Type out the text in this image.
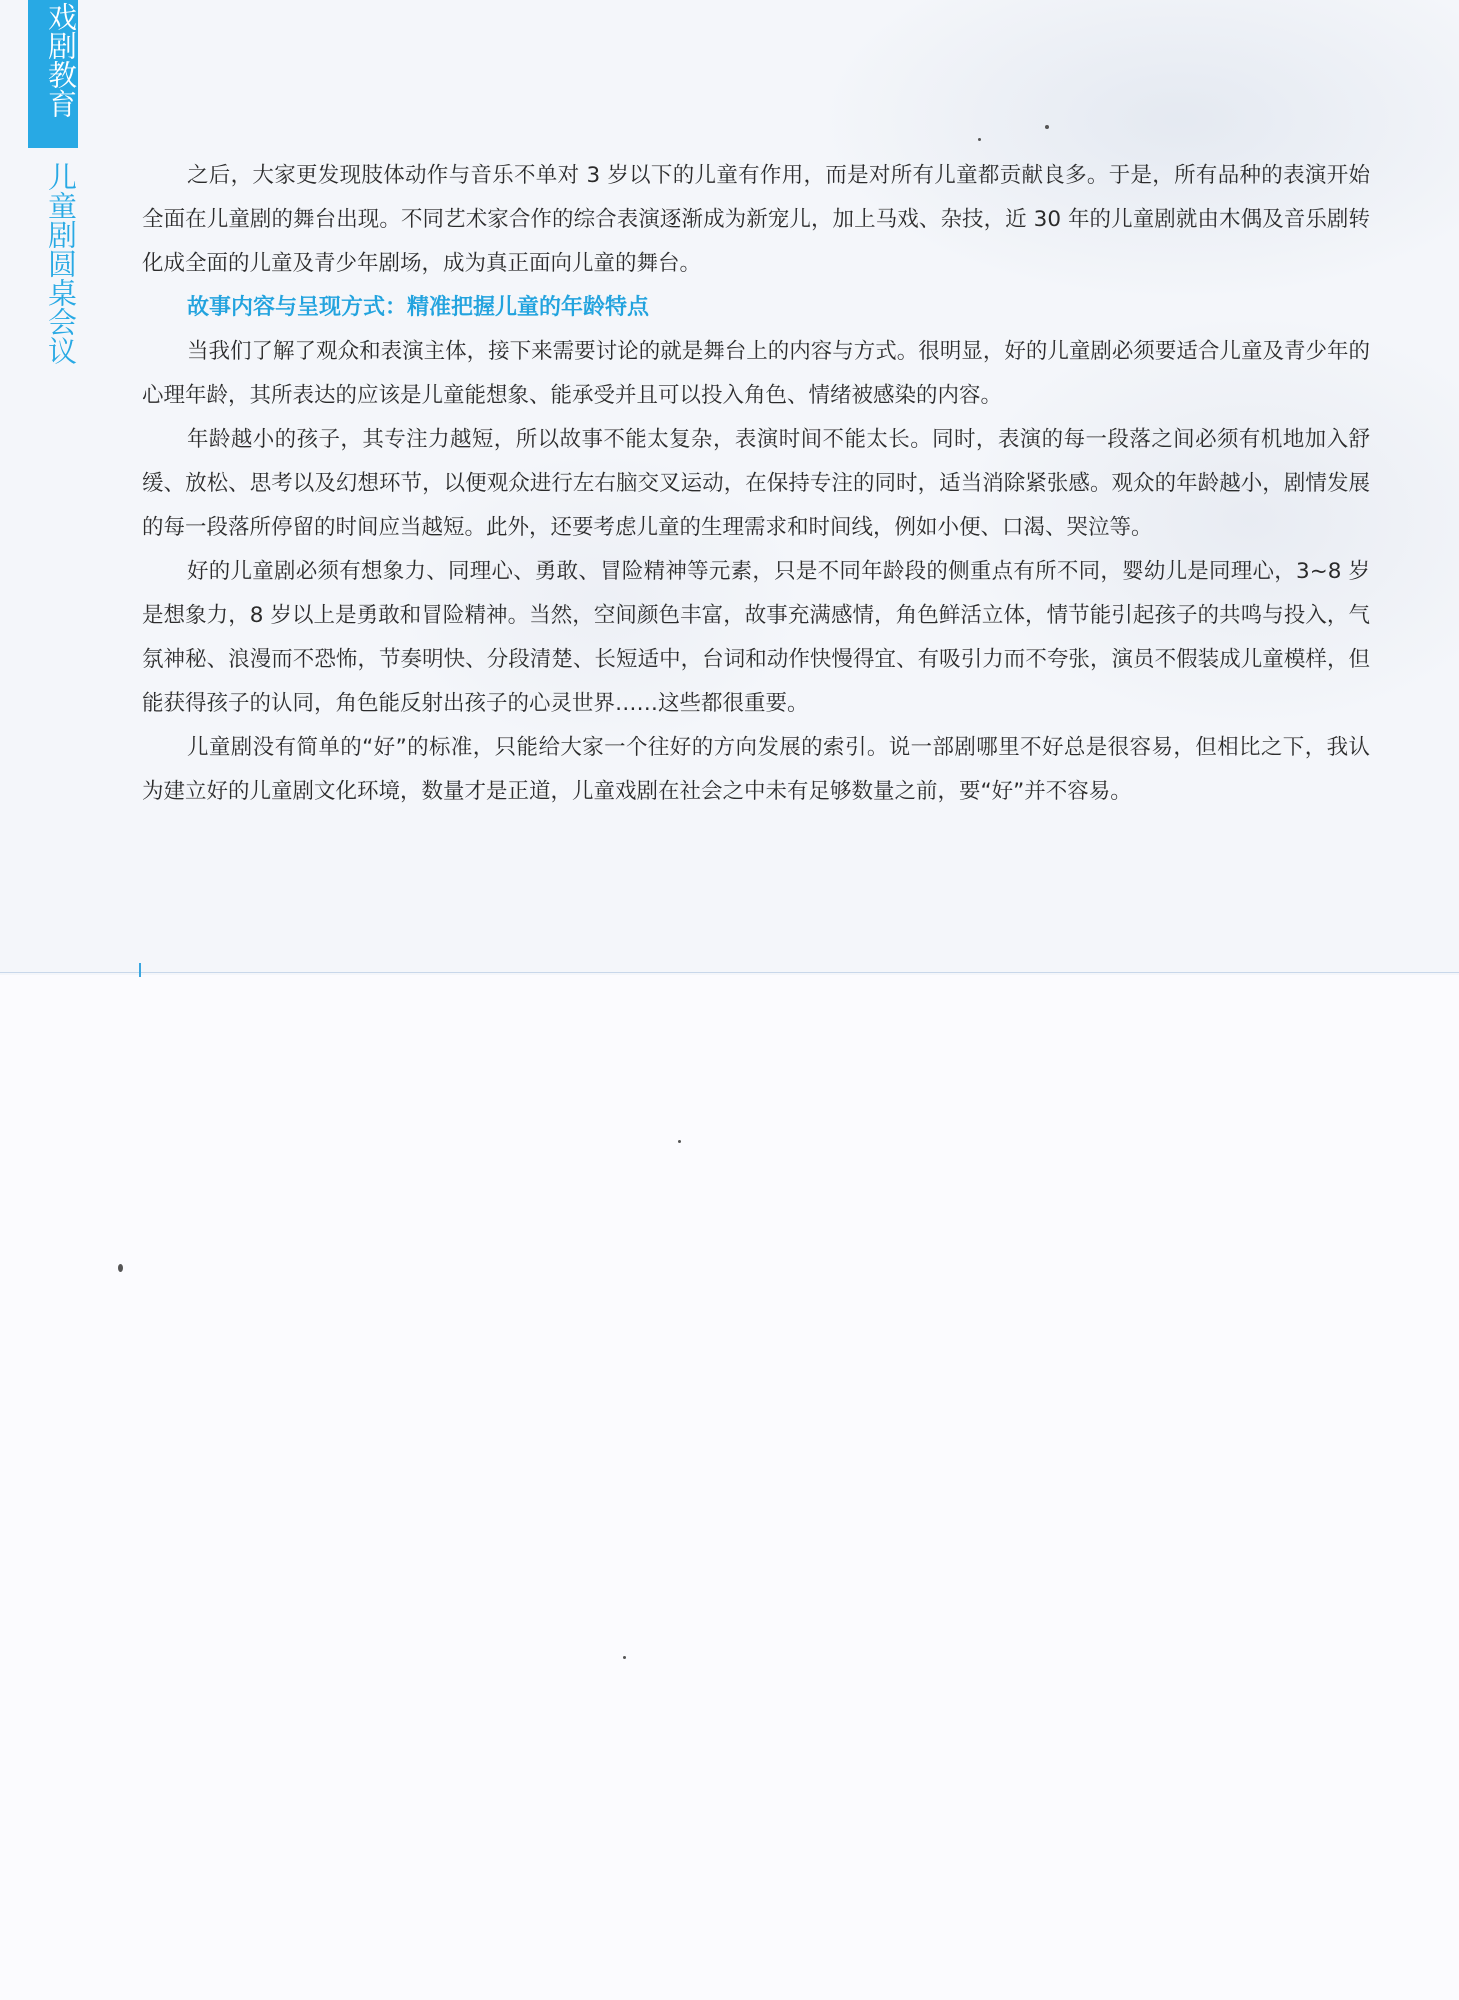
戏剧教育
儿童剧圆桌会议	之后，大家更发现肢体动作与音乐不单对 3 岁以下的儿童有作用，而是对所有儿童都贡献良多。于是，所有品种的表演开始全面在儿童剧的舞台出现。不同艺术家合作的综合表演逐渐成为新宠儿，加上马戏、杂技，近 30 年的儿童剧就由木偶及音乐剧转化成全面的儿童及青少年剧场，成为真正面向儿童的舞台。

故事内容与呈现方式：精准把握儿童的年龄特点

当我们了解了观众和表演主体，接下来需要讨论的就是舞台上的内容与方式。很明显，好的儿童剧必须要适合儿童及青少年的心理年龄，其所表达的应该是儿童能想象、能承受并且可以投入角色、情绪被感染的内容。

年龄越小的孩子，其专注力越短，所以故事不能太复杂，表演时间不能太长。同时，表演的每一段落之间必须有机地加入舒缓、放松、思考以及幻想环节，以便观众进行左右脑交叉运动，在保持专注的同时，适当消除紧张感。观众的年龄越小，剧情发展的每一段落所停留的时间应当越短。此外，还要考虑儿童的生理需求和时间线，例如小便、口渴、哭泣等。

好的儿童剧必须有想象力、同理心、勇敢、冒险精神等元素，只是不同年龄段的侧重点有所不同，婴幼儿是同理心，3~8 岁是想象力，8 岁以上是勇敢和冒险精神。当然，空间颜色丰富，故事充满感情，角色鲜活立体，情节能引起孩子的共鸣与投入，气氛神秘、浪漫而不恐怖，节奏明快、分段清楚、长短适中，台词和动作快慢得宜、有吸引力而不夸张，演员不假装成儿童模样，但能获得孩子的认同，角色能反射出孩子的心灵世界……这些都很重要。

儿童剧没有简单的“好”的标准，只能给大家一个往好的方向发展的索引。说一部剧哪里不好总是很容易，但相比之下，我认为建立好的儿童剧文化环境，数量才是正道，儿童戏剧在社会之中未有足够数量之前，要“好”并不容易。
